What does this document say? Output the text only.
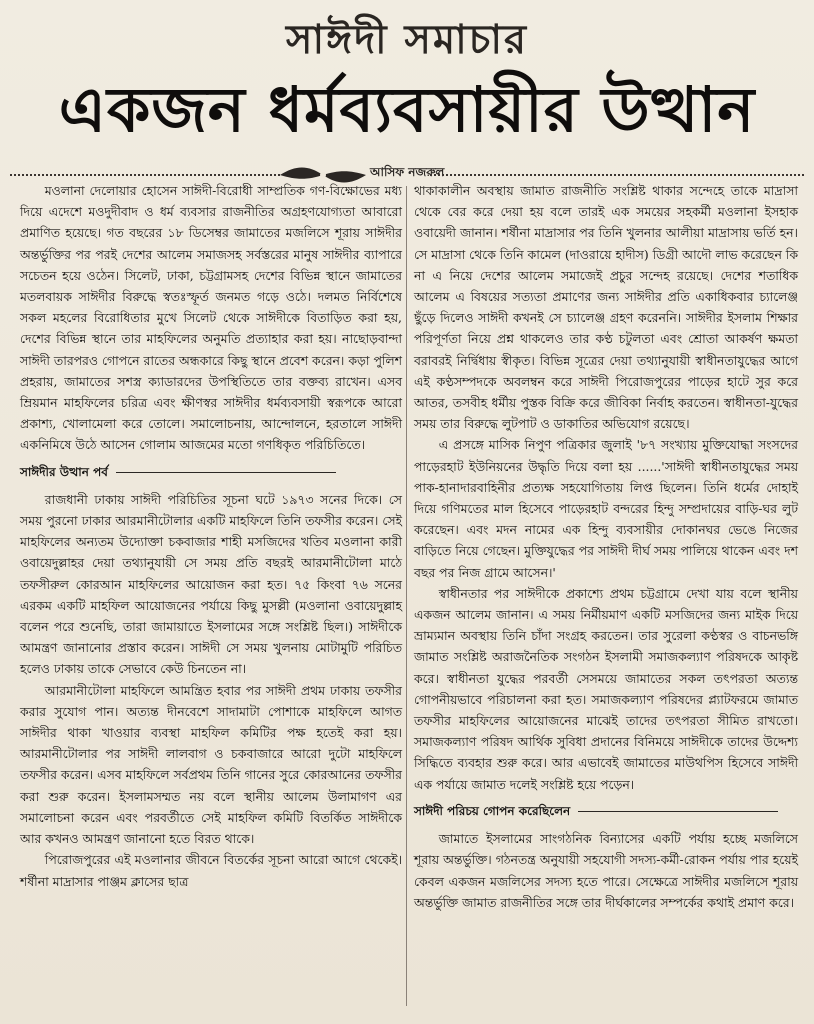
সাঈদী সমাচার
একজন ধর্মব্যবসায়ীর উত্থান
আসিফ নজরুল

মওলানা দেলোয়ার হোসেন সাঈদী-বিরোধী সাম্প্রতিক গণ-বিক্ষোভের মধ্য দিয়ে এদেশে মওদুদীবাদ ও ধর্ম ব্যবসার রাজনীতির অগ্রহণযোগ্যতা আবারো প্রমাণিত হয়েছে। গত বছরের ১৮ ডিসেম্বর জামাতের মজলিসে শূরায় সাঈদীর অন্তর্ভুক্তির পর পরই দেশের আলেম সমাজসহ সর্বস্তরের মানুষ সাঈদীর ব্যাপারে সচেতন হয়ে ওঠেন। সিলেট, ঢাকা, চট্টগ্রামসহ দেশের বিভিন্ন স্থানে জামাতের মতলবায়ক সাঈদীর বিরুদ্ধে স্বতঃস্ফূর্ত জনমত গড়ে ওঠে। দলমত নির্বিশেষে সকল মহলের বিরোধিতার মুখে সিলেট থেকে সাঈদীকে বিতাড়িত করা হয়, দেশের বিভিন্ন স্থানে তার মাহফিলের অনুমতি প্রত্যাহার করা হয়। নাছোড়বান্দা সাঈদী তারপরও গোপনে রাতের অন্ধকারে কিছু স্থানে প্রবেশ করেন। কড়া পুলিশ প্রহরায়, জামাতের সশস্ত্র ক্যাডারদের উপস্থিতিতে তার বক্তব্য রাখেন। এসব ম্রিয়মান মাহফিলের চরিত্র এবং ক্ষীণস্বর সাঈদীর ধর্মব্যবসায়ী স্বরূপকে আরো প্রকাশ্য, খোলামেলা করে তোলে। সমালোচনায়, আন্দোলনে, হরতালে সাঈদী একনিমিষে উঠে আসেন গোলাম আজমের মতো গণধিকৃত পরিচিতিতে।

সাঈদীর উত্থান পর্ব

রাজধানী ঢাকায় সাঈদী পরিচিতির সূচনা ঘটে ১৯৭৩ সনের দিকে। সে সময় পুরনো ঢাকার আরমানীটোলার একটি মাহফিলে তিনি তফসীর করেন। সেই মাহফিলের অন্যতম উদ্যোক্তা চকবাজার শাহী মসজিদের খতিব মওলানা কারী ওবায়েদুল্লাহর দেয়া তথ্যানুযায়ী সে সময় প্রতি বছরই আরমানীটোলা মাঠে তফসীরুল কোরআন মাহফিলের আয়োজন করা হত। ৭৫ কিংবা ৭৬ সনের এরকম একটি মাহফিল আয়োজনের পর্যায়ে কিছু মুসল্লী (মওলানা ওবায়েদুল্লাহ বলেন পরে শুনেছি, তারা জামায়াতে ইসলামের সঙ্গে সংশ্লিষ্ট ছিল।) সাঈদীকে আমন্ত্রণ জানানোর প্রস্তাব করেন। সাঈদী সে সময় খুলনায় মোটামুটি পরিচিত হলেও ঢাকায় তাকে সেভাবে কেউ চিনতেন না।

আরমানীটোলা মাহফিলে আমন্ত্রিত হবার পর সাঈদী প্রথম ঢাকায় তফসীর করার সুযোগ পান। অত্যন্ত দীনবেশে সাদামাটা পোশাকে মাহফিলে আগত সাঈদীর থাকা খাওয়ার ব্যবস্থা মাহফিল কমিটির পক্ষ হতেই করা হয়। আরমানীটোলার পর সাঈদী লালবাগ ও চকবাজারে আরো দুটো মাহফিলে তফসীর করেন। এসব মাহফিলে সর্বপ্রথম তিনি গানের সুরে কোরআনের তফসীর করা শুরু করেন। ইসলামসম্মত নয় বলে স্থানীয় আলেম উলামাগণ এর সমালোচনা করেন এবং পরবর্তীতে সেই মাহফিল কমিটি বিতর্কিত সাঈদীকে আর কখনও আমন্ত্রণ জানানো হতে বিরত থাকে।

পিরোজপুরের এই মওলানার জীবনে বিতর্কের সূচনা আরো আগে থেকেই। শর্ষীনা মাদ্রাসার পাঞ্জম ক্লাসের ছাত্র

থাকাকালীন অবস্থায় জামাত রাজনীতি সংশ্লিষ্ট থাকার সন্দেহে তাকে মাদ্রাসা থেকে বের করে দেয়া হয় বলে তারই এক সময়ের সহকর্মী মওলানা ইসহাক ওবায়েদী জানান। শর্ষীনা মাদ্রাসার পর তিনি খুলনার আলীয়া মাদ্রাসায় ভর্তি হন। সে মাদ্রাসা থেকে তিনি কামেল (দাওরায়ে হাদীস) ডিগ্রী আদৌ লাভ করেছেন কি না এ নিয়ে দেশের আলেম সমাজেই প্রচুর সন্দেহ রয়েছে। দেশের শতাধিক আলেম এ বিষয়ের সত্যতা প্রমাণের জন্য সাঈদীর প্রতি একাধিকবার চ্যালেঞ্জ ছুঁড়ে দিলেও সাঈদী কখনই সে চ্যালেঞ্জ গ্রহণ করেননি। সাঈদীর ইসলাম শিক্ষার পরিপূর্ণতা নিয়ে প্রশ্ন থাকলেও তার কণ্ঠ চটুলতা এবং শ্রোতা আকর্ষণ ক্ষমতা বরাবরই নির্দ্বিধায় স্বীকৃত। বিভিন্ন সূত্রের দেয়া তথ্যানুযায়ী স্বাধীনতাযুদ্ধের আগে এই কণ্ঠসম্পদকে অবলম্বন করে সাঈদী পিরোজপুরের পাড়ের হাটে সুর করে আতর, তসবীহ ধর্মীয় পুস্তক বিক্রি করে জীবিকা নির্বাহ করতেন। স্বাধীনতা-যুদ্ধের সময় তার বিরুদ্ধে লুটপাট ও ডাকাতির অভিযোগ রয়েছে।

এ প্রসঙ্গে মাসিক নিপুণ পত্রিকার জুলাই '৮৭ সংখ্যায় মুক্তিযোদ্ধা সংসদের পাড়েরহাট ইউনিয়নের উদ্ধৃতি দিয়ে বলা হয় ......'সাঈদী স্বাধীনতাযুদ্ধের সময় পাক-হানাদারবাহিনীর প্রত্যক্ষ সহযোগিতায় লিপ্ত ছিলেন। তিনি ধর্মের দোহাই দিয়ে গণিমতের মাল হিসেবে পাড়েরহাট বন্দরের হিন্দু সম্প্রদায়ের বাড়ি-ঘর লুট করেছেন। এবং মদন নামের এক হিন্দু ব্যবসায়ীর দোকানঘর ভেঙে নিজের বাড়িতে নিয়ে গেছেন। মুক্তিযুদ্ধের পর সাঈদী দীর্ঘ সময় পালিয়ে থাকেন এবং দশ বছর পর নিজ গ্রামে আসেন।'

স্বাধীনতার পর সাঈদীকে প্রকাশ্যে প্রথম চট্টগ্রামে দেখা যায় বলে স্থানীয় একজন আলেম জানান। এ সময় নির্মীয়মাণ একটি মসজিদের জন্য মাইক দিয়ে ভ্রাম্যমান অবস্থায় তিনি চাঁদা সংগ্রহ করতেন। তার সুরেলা কণ্ঠস্বর ও বাচনভঙ্গি জামাত সংশ্লিষ্ট অরাজনৈতিক সংগঠন ইসলামী সমাজকল্যাণ পরিষদকে আকৃষ্ট করে। স্বাধীনতা যুদ্ধের পরবর্তী সেসময়ে জামাতের সকল তৎপরতা অত্যন্ত গোপনীয়ভাবে পরিচালনা করা হত। সমাজকল্যাণ পরিষদের প্ল্যাটফরমে জামাত তফসীর মাহফিলের আয়োজনের মাঝেই তাদের তৎপরতা সীমিত রাখতো। সমাজকল্যাণ পরিষদ আর্থিক সুবিধা প্রদানের বিনিময়ে সাঈদীকে তাদের উদ্দেশ্য সিদ্ধিতে ব্যবহার শুরু করে। আর এভাবেই জামাতের মাউথপিস হিসেবে সাঈদী এক পর্যায়ে জামাত দলেই সংশ্লিষ্ট হয়ে পড়েন।

সাঈদী পরিচয় গোপন করেছিলেন

জামাতে ইসলামের সাংগঠনিক বিন্যাসের একটি পর্যায় হচ্ছে মজলিসে শূরায় অন্তর্ভুক্তি। গঠনতন্ত্র অনুযায়ী সহযোগী সদস্য-কর্মী-রোকন পর্যায় পার হয়েই কেবল একজন মজলিসের সদস্য হতে পারে। সেক্ষেত্রে সাঈদীর মজলিসে শূরায় অন্তর্ভুক্তি জামাত রাজনীতির সঙ্গে তার দীর্ঘকালের সম্পর্কের কথাই প্রমাণ করে।
